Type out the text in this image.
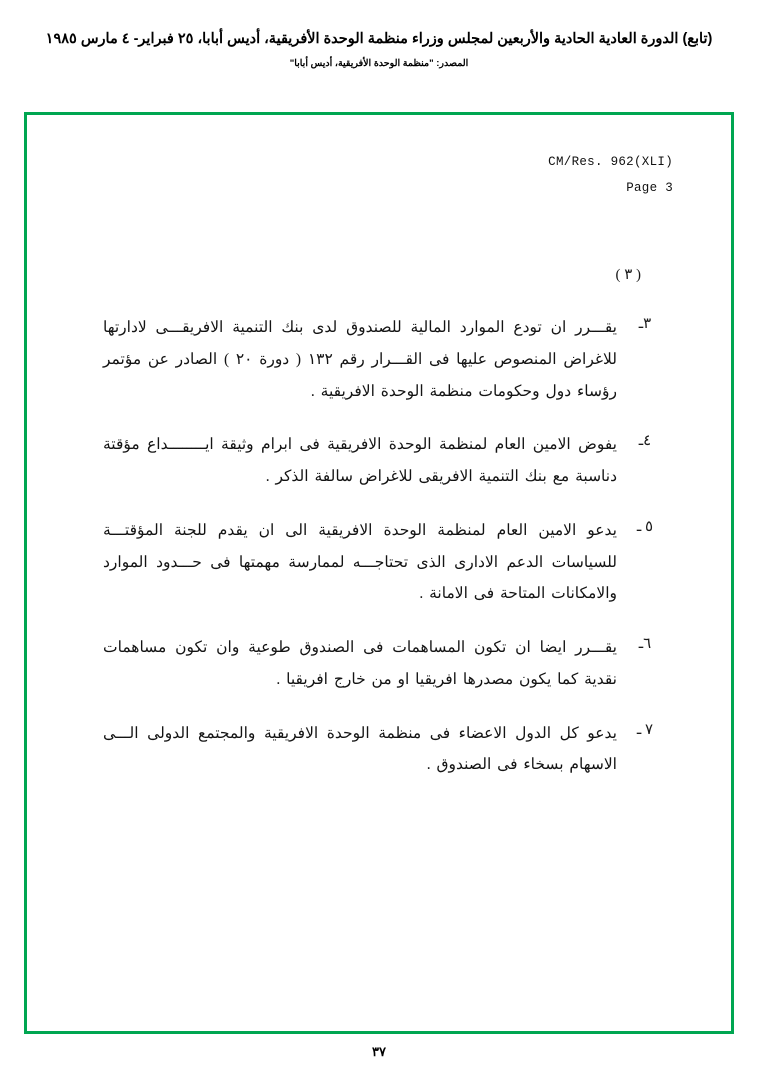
(تابع) الدورة العادية الحادية والأربعين لمجلس وزراء منظمة الوحدة الأفريقية، أديس أبابا، ٢٥ فبراير- ٤ مارس ١٩٨٥
المصدر: "منظمة الوحدة الأفريقية، أديس أبابا"
CM/Res. 962(XLI)
Page 3
( ٣ )
٣ـ
يقـــرر ان تودع الموارد المالية للصندوق لدى بنك التنمية الافريقـــى لادارتها للاغراض المنصوص عليها فى القـــرار رقم ١٣٢ ( دورة ٢٠ ) الصادر عن مؤتمر رؤساء دول وحكومات منظمة الوحدة الافريقية .
٤ـ
يفوض الامين العام لمنظمة الوحدة الافريقية فى ابرام وثيقة ايــــــــداع مؤقتة دناسبة مع بنك التنمية الافريقى للاغراض سالفة الذكر .
٥ ـ
يدعو الامين العام لمنظمة الوحدة الافريقية الى ان يقدم للجنة المؤقتـــة للسياسات الدعم الادارى الذى تحتاجـــه لممارسة مهمتها فى حـــدود الموارد والامكانات المتاحة فى الامانة .
٦ـ
يقـــرر ايضا ان تكون المساهمات فى الصندوق طوعية وان تكون مساهمات نقدية كما يكون مصدرها افريقيا او من خارج افريقيا .
٧ ـ
يدعو كل الدول الاعضاء فى منظمة الوحدة الافريقية والمجتمع الدولى الـــى الاسهام بسخاء فى الصندوق .
٣٧
